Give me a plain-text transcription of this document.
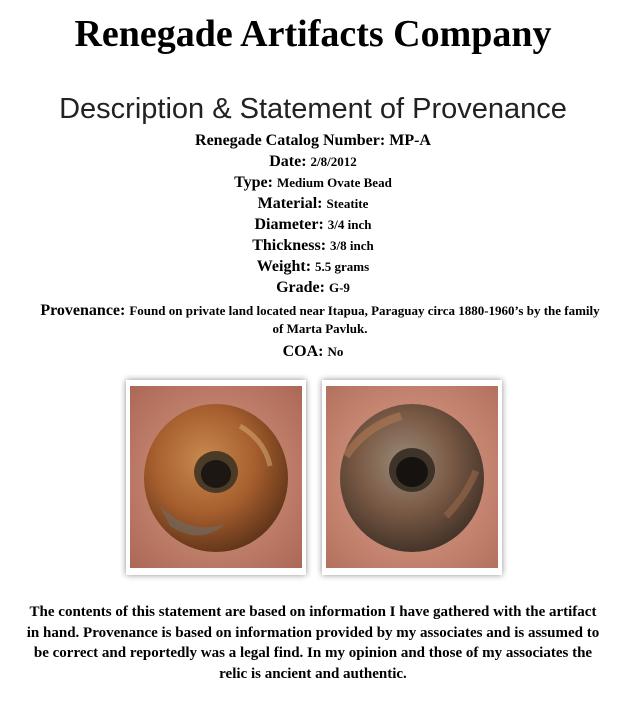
Renegade Artifacts Company
Description & Statement of Provenance
Renegade Catalog Number: MP-A
Date: 2/8/2012
Type: Medium Ovate Bead
Material: Steatite
Diameter: 3/4 inch
Thickness: 3/8 inch
Weight: 5.5 grams
Grade: G-9
Provenance: Found on private land located near Itapua, Paraguay circa 1880-1960’s by the family of Marta Pavluk.
COA: No
The contents of this statement are based on information I have gathered with the artifact in hand. Provenance is based on information provided by my associates and is assumed to be correct and reportedly was a legal find. In my opinion and those of my associates the relic is ancient and authentic.
